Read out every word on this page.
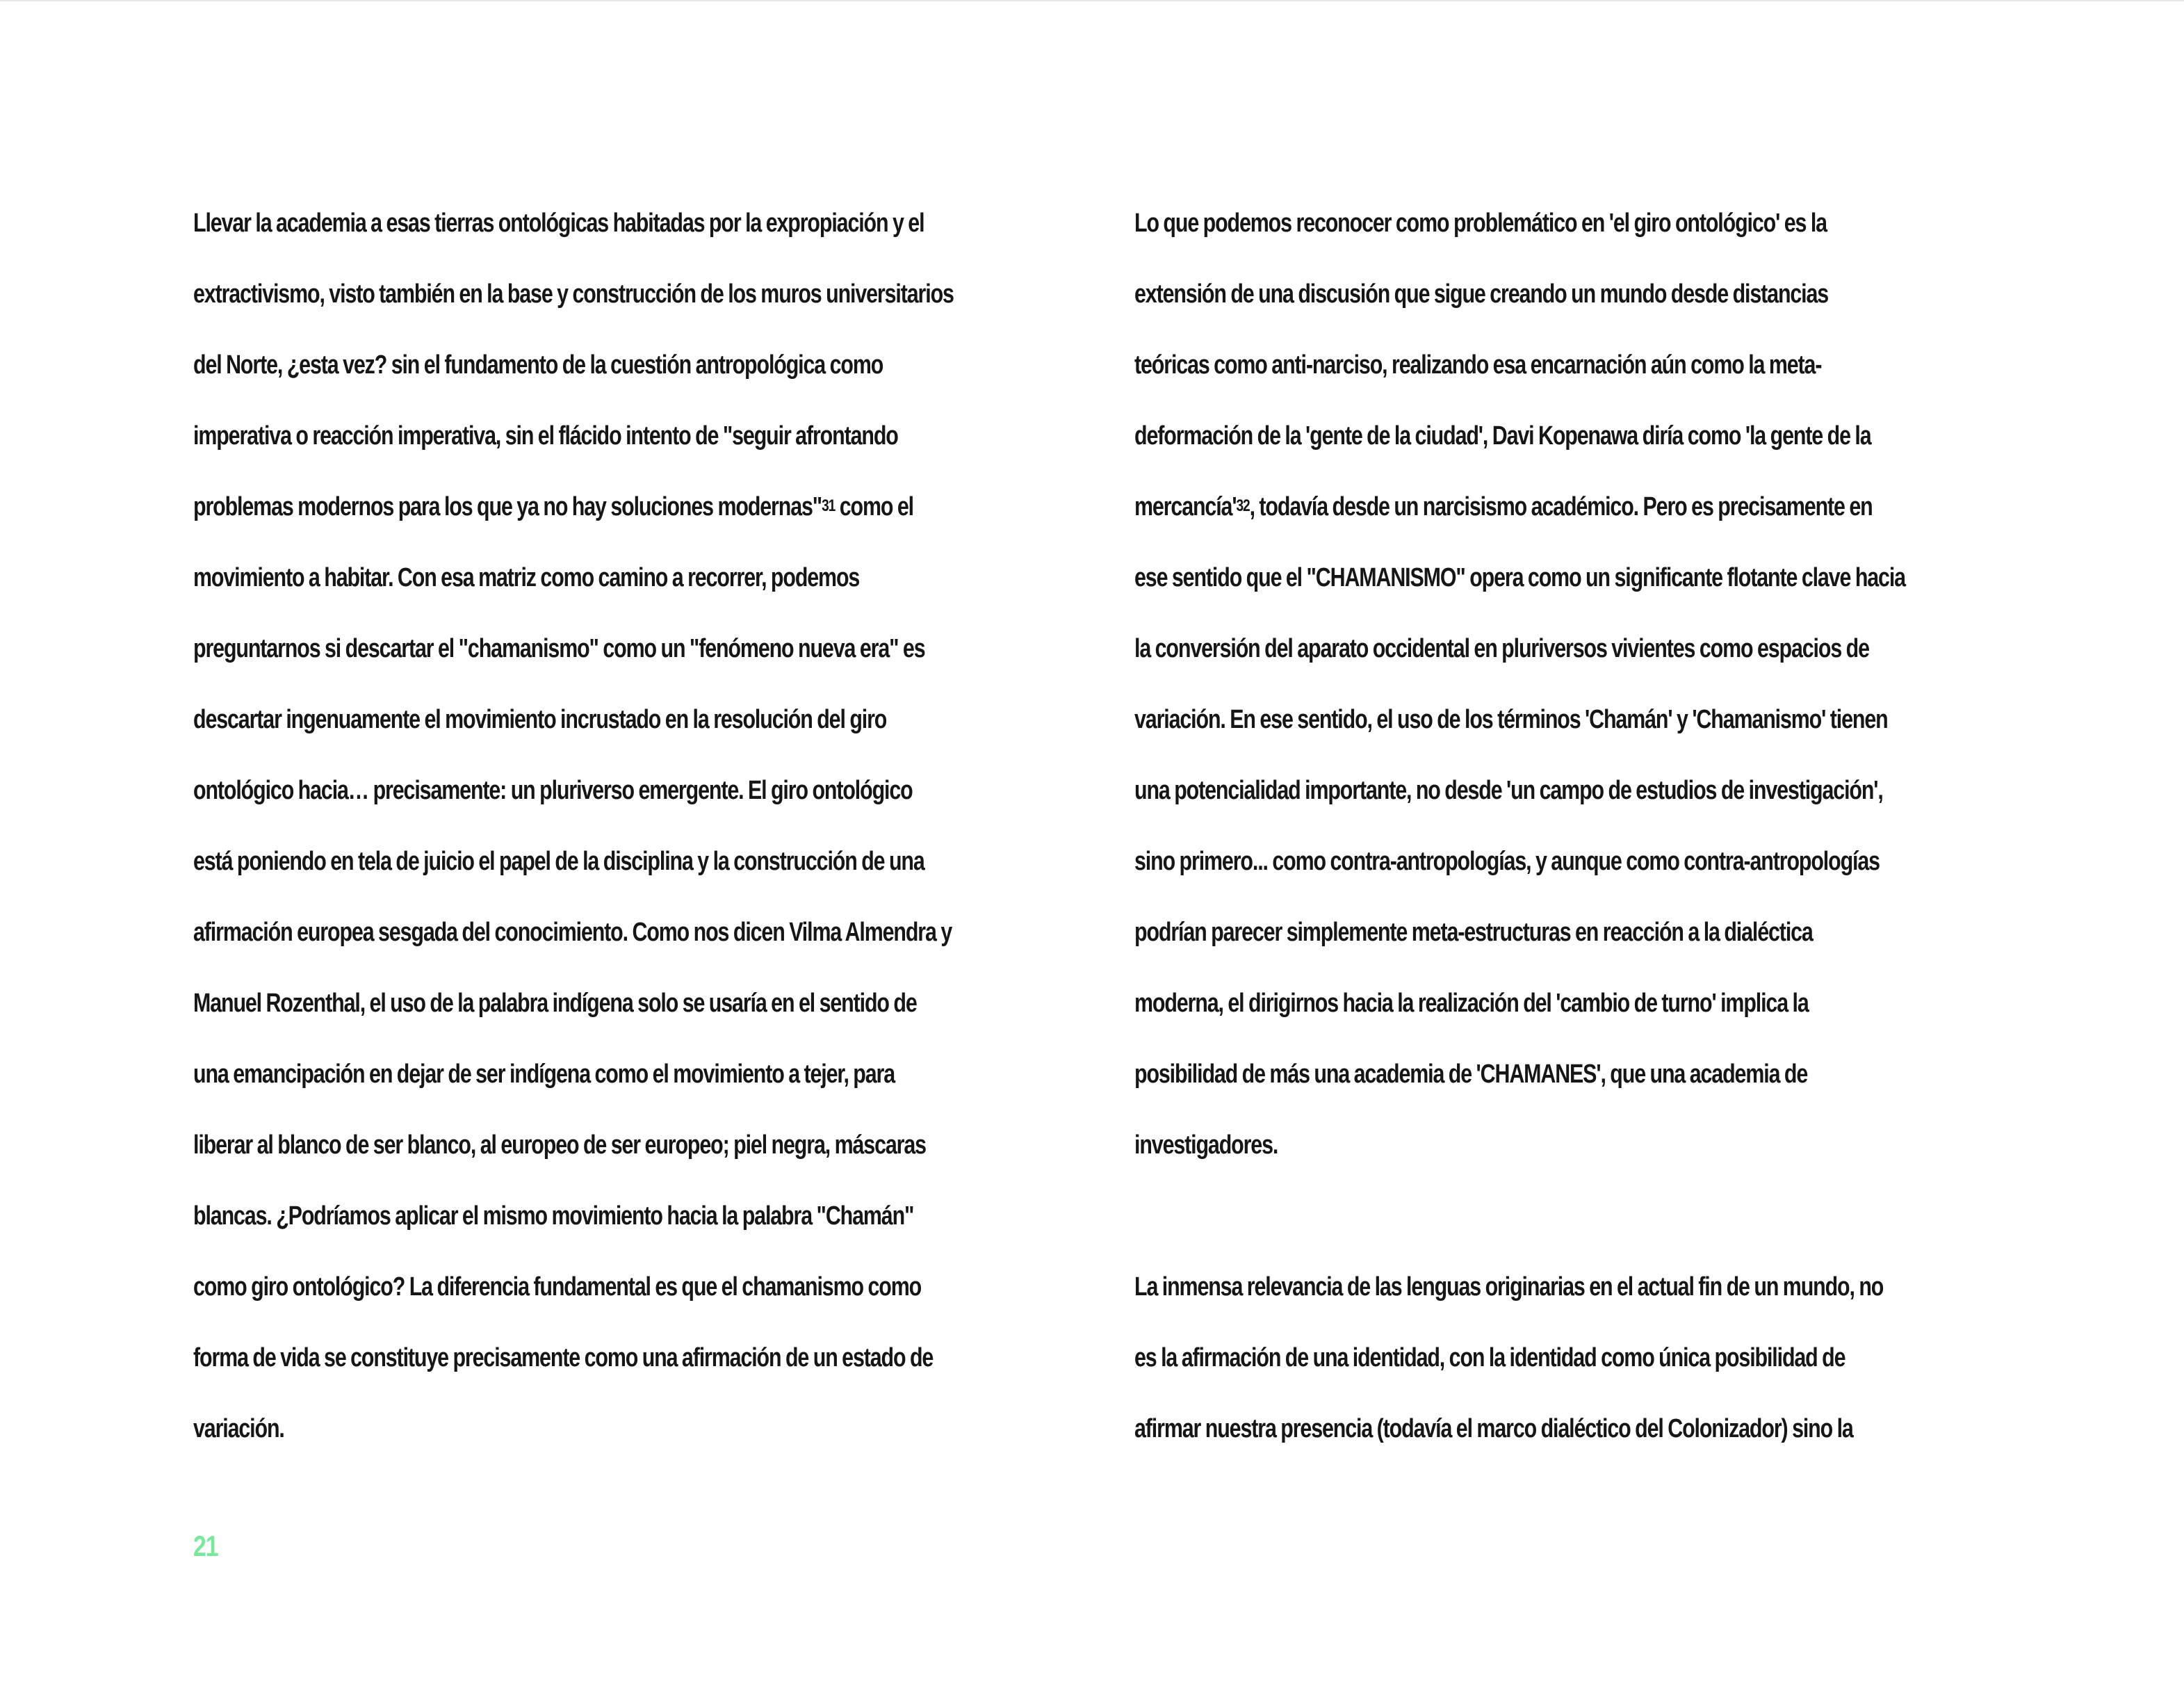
Llevar la academia a esas tierras ontológicas habitadas por la expropiación y el
extractivismo, visto también en la base y construcción de los muros universitarios
del Norte, ¿esta vez? sin el fundamento de la cuestión antropológica como
imperativa o reacción imperativa, sin el flácido intento de "seguir afrontando
problemas modernos para los que ya no hay soluciones modernas"$^{31}$ como el
movimiento a habitar. Con esa matriz como camino a recorrer, podemos
preguntarnos si descartar el "chamanismo" como un "fenómeno nueva era" es
descartar ingenuamente el movimiento incrustado en la resolución del giro
ontológico hacia… precisamente: un pluriverso emergente. El giro ontológico
está poniendo en tela de juicio el papel de la disciplina y la construcción de una
afirmación europea sesgada del conocimiento. Como nos dicen Vilma Almendra y
Manuel Rozenthal, el uso de la palabra indígena solo se usaría en el sentido de
una emancipación en dejar de ser indígena como el movimiento a tejer, para
liberar al blanco de ser blanco, al europeo de ser europeo; piel negra, máscaras
blancas. ¿Podríamos aplicar el mismo movimiento hacia la palabra "Chamán"
como giro ontológico? La diferencia fundamental es que el chamanismo como
forma de vida se constituye precisamente como una afirmación de un estado de
variación.
Lo que podemos reconocer como problemático en 'el giro ontológico' es la
extensión de una discusión que sigue creando un mundo desde distancias
teóricas como anti-narciso, realizando esa encarnación aún como la meta-
deformación de la 'gente de la ciudad', Davi Kopenawa diría como 'la gente de la
$mercancía'^{32}$, todavía desde un narcisismo académico. Pero es precisamente en
ese sentido que el "CHAMANISMO" opera como un significante flotante clave hacia
la conversión del aparato occidental en pluriversos vivientes como espacios de
variación. En ese sentido, el uso de los términos 'Chamán' y 'Chamanismo' tienen
una potencialidad importante, no desde 'un campo de estudios de investigación',
sino primero... como contra-antropologías, y aunque como contra-antropologías
podrían parecer simplemente meta-estructuras en reacción a la dialéctica
moderna, el dirigirnos hacia la realización del 'cambio de turno' implica la
posibilidad de más una academia de 'CHAMANES', que una academia de
investigadores.
La inmensa relevancia de las lenguas originarias en el actual fin de un mundo, no
es la afirmación de una identidad, con la identidad como única posibilidad de
afirmar nuestra presencia (todavía el marco dialéctico del Colonizador) sino la
21
